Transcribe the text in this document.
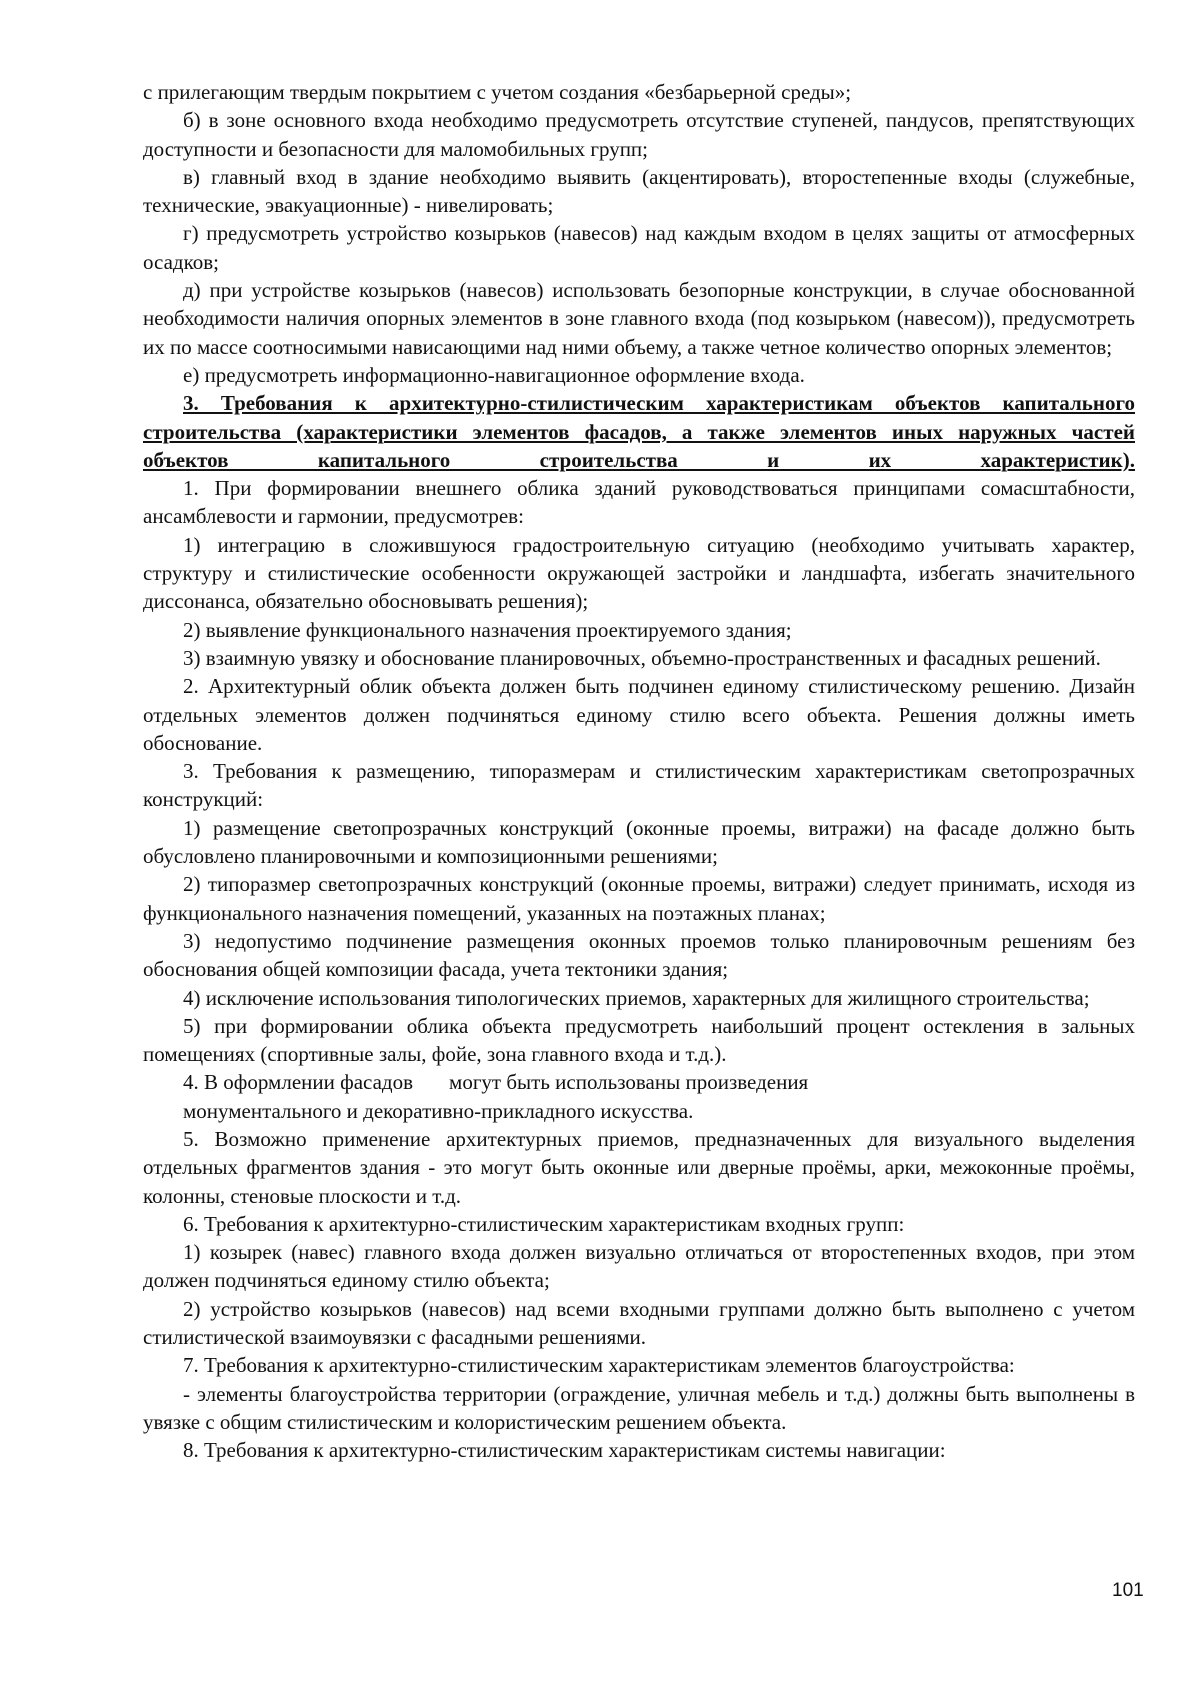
с прилегающим твердым покрытием с учетом создания «безбарьерной среды»;

б) в зоне основного входа необходимо предусмотреть отсутствие ступеней, пандусов, препятствующих доступности и безопасности для маломобильных групп;

в) главный вход в здание необходимо выявить (акцентировать), второстепенные входы (служебные, технические, эвакуационные) - нивелировать;

г) предусмотреть устройство козырьков (навесов) над каждым входом в целях защиты от атмосферных осадков;

д) при устройстве козырьков (навесов) использовать безопорные конструкции, в случае обоснованной необходимости наличия опорных элементов в зоне главного входа (под козырьком (навесом)), предусмотреть их по массе соотносимыми нависающими над ними объему, а также четное количество опорных элементов;

е) предусмотреть информационно-навигационное оформление входа.

3. Требования к архитектурно-стилистическим характеристикам объектов капитального строительства (характеристики элементов фасадов, а также элементов иных наружных частей объектов капитального строительства и их характеристик).

1. При формировании внешнего облика зданий руководствоваться принципами сомасштабности, ансамблевости и гармонии, предусмотрев:

1) интеграцию в сложившуюся градостроительную ситуацию (необходимо учитывать характер, структуру и стилистические особенности окружающей застройки и ландшафта, избегать значительного диссонанса, обязательно обосновывать решения);

2) выявление функционального назначения проектируемого здания;

3) взаимную увязку и обоснование планировочных, объемно-пространственных и фасадных решений.

2. Архитектурный облик объекта должен быть подчинен единому стилистическому решению. Дизайн отдельных элементов должен подчиняться единому стилю всего объекта. Решения должны иметь обоснование.

3. Требования к размещению, типоразмерам и стилистическим характеристикам светопрозрачных конструкций:

1) размещение светопрозрачных конструкций (оконные проемы, витражи) на фасаде должно быть обусловлено планировочными и композиционными решениями;

2) типоразмер светопрозрачных конструкций (оконные проемы, витражи) следует принимать, исходя из функционального назначения помещений, указанных на поэтажных планах;

3) недопустимо подчинение размещения оконных проемов только планировочным решениям без обоснования общей композиции фасада, учета тектоники здания;

4) исключение использования типологических приемов, характерных для жилищного строительства;

5) при формировании облика объекта предусмотреть наибольший процент остекления в зальных помещениях (спортивные залы, фойе, зона главного входа и т.д.).

4. В оформлении фасадов могут быть использованы произведения
монументального и декоративно-прикладного искусства.

5. Возможно применение архитектурных приемов, предназначенных для визуального выделения отдельных фрагментов здания - это могут быть оконные или дверные проёмы, арки, межоконные проёмы, колонны, стеновые плоскости и т.д.

6. Требования к архитектурно-стилистическим характеристикам входных групп:

1) козырек (навес) главного входа должен визуально отличаться от второстепенных входов, при этом должен подчиняться единому стилю объекта;

2) устройство козырьков (навесов) над всеми входными группами должно быть выполнено с учетом стилистической взаимоувязки с фасадными решениями.

7. Требования к архитектурно-стилистическим характеристикам элементов благоустройства:

- элементы благоустройства территории (ограждение, уличная мебель и т.д.) должны быть выполнены в увязке с общим стилистическим и колористическим решением объекта.

8. Требования к архитектурно-стилистическим характеристикам системы навигации:

101
